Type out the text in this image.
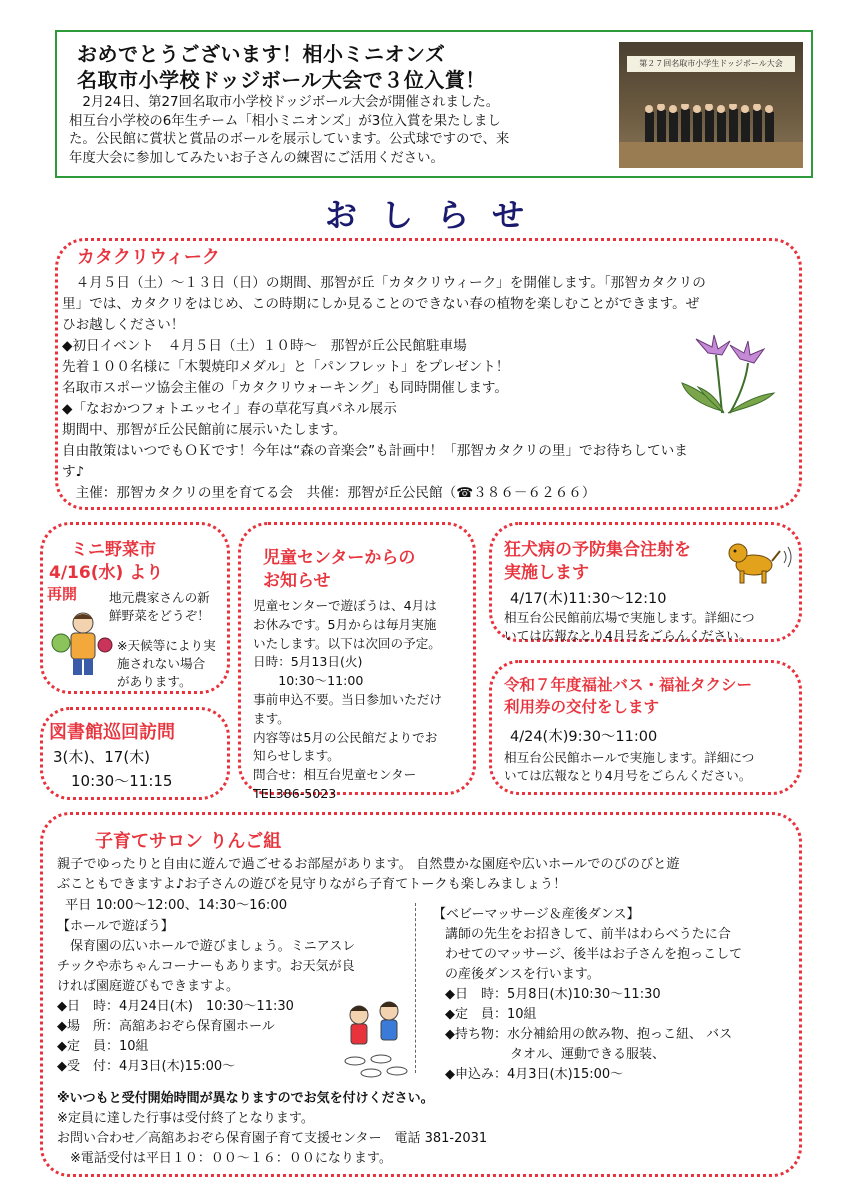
おめでとうございます！相小ミニオンズ
名取市小学校ドッジボール大会で３位入賞！
　2月24日、第27回名取市小学校ドッジボール大会が開催されました。
相互台小学校の6年生チーム「相小ミニオンズ」が3位入賞を果たしまし
た。公民館に賞状と賞品のボールを展示しています。公式球ですので、来
年度大会に参加してみたいお子さんの練習にご活用ください。
第２７回名取市小学生ドッジボール大会
おしらせ
カタクリウィーク
　４月５日（土）～１３日（日）の期間、那智が丘「カタクリウィーク」を開催します。「那智カタクリの
里」では、カタクリをはじめ、この時期にしか見ることのできない春の植物を楽しむことができます。ぜ
ひお越しください！
◆初日イベント　４月５日（土）１０時～　那智が丘公民館駐車場
先着１００名様に「木製焼印メダル」と「パンフレット」をプレゼント！
名取市スポーツ協会主催の「カタクリウォーキング」も同時開催します。
◆「なおかつフォトエッセイ」春の草花写真パネル展示
期間中、那智が丘公民館前に展示いたします。
自由散策はいつでもＯＫです！今年は“森の音楽会”も計画中！「那智カタクリの里」でお待ちしていま
す♪
　主催：那智カタクリの里を育てる会　共催：那智が丘公民館（☎３８６－６２６６）
ミニ野菜市
4/16(水) より
再開	地元農家さんの新
鮮野菜をどうぞ！
※天候等により実
施されない場合
があります。
図書館巡回訪問
3(木)、17(木)
10:30～11:15
児童センターからの
お知らせ
児童センターで遊ぼうは、4月は
お休みです。5月からは毎月実施
いたします。以下は次回の予定。
日時：5月13日(火)
　　10:30～11:00
事前申込不要。当日参加いただけ
ます。
内容等は5月の公民館だよりでお
知らせします。
問合せ：相互台児童センター
TEL386-5023
狂犬病の予防集合注射を
実施します
4/17(木)11:30～12:10
相互台公民館前広場で実施します。詳細につ
いては広報なとり4月号をごらんください。
令和７年度福祉バス・福祉タクシー
利用券の交付をします
4/24(木)9:30～11:00
相互台公民館ホールで実施します。詳細につ
いては広報なとり4月号をごらんください。
子育てサロン りんご組
親子でゆったりと自由に遊んで過ごせるお部屋があります。 自然豊かな園庭や広いホールでのびのびと遊
ぶこともできますよ♪お子さんの遊びを見守りながら子育てトークも楽しみましょう！
平日 10:00～12:00、14:30～16:00
【ホールで遊ぼう】
　保育園の広いホールで遊びましょう。ミニアスレ
チックや赤ちゃんコーナーもあります。お天気が良
ければ園庭遊びもできますよ。
◆日　時：4月24日(木)　10:30～11:30
◆場　所：高舘あおぞら保育園ホール
◆定　員：10組
◆受　付：4月3日(木)15:00～
【ベビーマッサージ＆産後ダンス】
講師の先生をお招きして、前半はわらべうたに合
わせてのマッサージ、後半はお子さんを抱っこして
の産後ダンスを行います。
◆日　時：5月8日(木)10:30～11:30
◆定　員：10組
◆持ち物：水分補給用の飲み物、抱っこ紐、 バス
　　　　　タオル、運動できる服装、
◆申込み：4月3日(木)15:00～
※いつもと受付開始時間が異なりますのでお気を付けください。
※定員に達した行事は受付終了となります。
お問い合わせ／高舘あおぞら保育園子育て支援センター　電話 381-2031
　※電話受付は平日１０：００～１６：００になります。
